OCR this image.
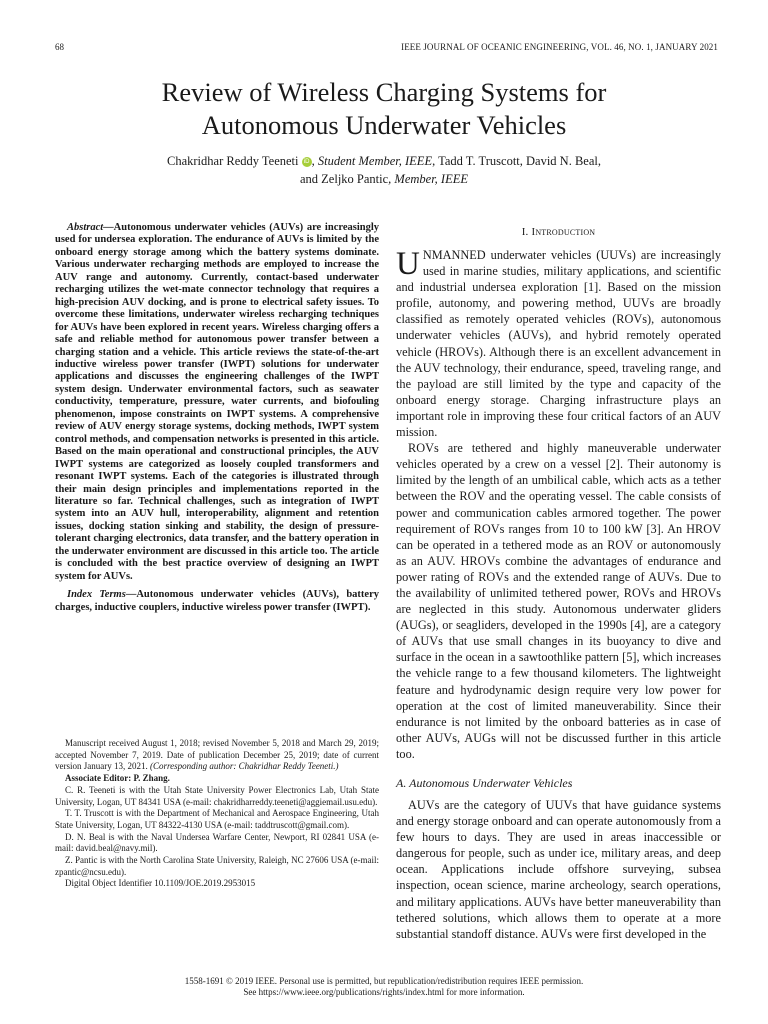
68	IEEE JOURNAL OF OCEANIC ENGINEERING, VOL. 46, NO. 1, JANUARY 2021
Review of Wireless Charging Systems for
Autonomous Underwater Vehicles
Chakridhar Reddy Teeneti iD , Student Member, IEEE, Tadd T. Truscott, David N. Beal,
and Zeljko Pantic, Member, IEEE

Abstract—Autonomous underwater vehicles (AUVs) are increasingly used for undersea exploration. The endurance of AUVs is limited by the onboard energy storage among which the battery systems dominate. Various underwater recharging methods are employed to increase the AUV range and autonomy. Currently, contact-based underwater recharging utilizes the wet-mate connector technology that requires a high-precision AUV docking, and is prone to electrical safety issues. To overcome these limitations, underwater wireless recharging techniques for AUVs have been explored in recent years. Wireless charging offers a safe and reliable method for autonomous power transfer between a charging station and a vehicle. This article reviews the state-of-the-art inductive wireless power transfer (IWPT) solutions for underwater applications and discusses the engineering challenges of the IWPT system design. Underwater environmental factors, such as seawater conductivity, temperature, pressure, water currents, and biofouling phenomenon, impose constraints on IWPT systems. A comprehensive review of AUV energy storage systems, docking methods, IWPT system control methods, and compensation networks is presented in this article. Based on the main operational and constructional principles, the AUV IWPT systems are categorized as loosely coupled transformers and resonant IWPT systems. Each of the categories is illustrated through their main design principles and implementations reported in the literature so far. Technical challenges, such as integration of IWPT system into an AUV hull, interoperability, alignment and retention issues, docking station sinking and stability, the design of pressure-tolerant charging electronics, data transfer, and the battery operation in the underwater environment are discussed in this article too. The article is concluded with the best practice overview of designing an IWPT system for AUVs.

Index Terms—Autonomous underwater vehicles (AUVs), battery charges, inductive couplers, inductive wireless power transfer (IWPT).

Manuscript received August 1, 2018; revised November 5, 2018 and March 29, 2019; accepted November 7, 2019. Date of publication December 25, 2019; date of current version January 13, 2021. (Corresponding author: Chakridhar Reddy Teeneti.)

Associate Editor: P. Zhang.

C. R. Teeneti is with the Utah State University Power Electronics Lab, Utah State University, Logan, UT 84341 USA (e-mail: chakridharreddy.teeneti@aggiemail.usu.edu).

T. T. Truscott is with the Department of Mechanical and Aerospace Engineering, Utah State University, Logan, UT 84322-4130 USA (e-mail: taddtruscott@gmail.com).

D. N. Beal is with the Naval Undersea Warfare Center, Newport, RI 02841 USA (e-mail: david.beal@navy.mil).

Z. Pantic is with the North Carolina State University, Raleigh, NC 27606 USA (e-mail: zpantic@ncsu.edu).

Digital Object Identifier 10.1109/JOE.2019.2953015

I. Introduction

UNMANNED underwater vehicles (UUVs) are increasingly used in marine studies, military applications, and scientific and industrial undersea exploration [1]. Based on the mission profile, autonomy, and powering method, UUVs are broadly classified as remotely operated vehicles (ROVs), autonomous underwater vehicles (AUVs), and hybrid remotely operated vehicle (HROVs). Although there is an excellent advancement in the AUV technology, their endurance, speed, traveling range, and the payload are still limited by the type and capacity of the onboard energy storage. Charging infrastructure plays an important role in improving these four critical factors of an AUV mission.

ROVs are tethered and highly maneuverable underwater vehicles operated by a crew on a vessel [2]. Their autonomy is limited by the length of an umbilical cable, which acts as a tether between the ROV and the operating vessel. The cable consists of power and communication cables armored together. The power requirement of ROVs ranges from 10 to 100 kW [3]. An HROV can be operated in a tethered mode as an ROV or autonomously as an AUV. HROVs combine the advantages of endurance and power rating of ROVs and the extended range of AUVs. Due to the availability of unlimited tethered power, ROVs and HROVs are neglected in this study. Autonomous underwater gliders (AUGs), or seagliders, developed in the 1990s [4], are a category of AUVs that use small changes in its buoyancy to dive and surface in the ocean in a sawtoothlike pattern [5], which increases the vehicle range to a few thousand kilometers. The lightweight feature and hydrodynamic design require very low power for operation at the cost of limited maneuverability. Since their endurance is not limited by the onboard batteries as in case of other AUVs, AUGs will not be discussed further in this article too.

A. Autonomous Underwater Vehicles

AUVs are the category of UUVs that have guidance systems and energy storage onboard and can operate autonomously from a few hours to days. They are used in areas inaccessible or dangerous for people, such as under ice, military areas, and deep ocean. Applications include offshore surveying, subsea inspection, ocean science, marine archeology, search operations, and military applications. AUVs have better maneuverability than tethered solutions, which allows them to operate at a more substantial standoff distance. AUVs were first developed in the

1558-1691 © 2019 IEEE. Personal use is permitted, but republication/redistribution requires IEEE permission.
See https://www.ieee.org/publications/rights/index.html for more information.
